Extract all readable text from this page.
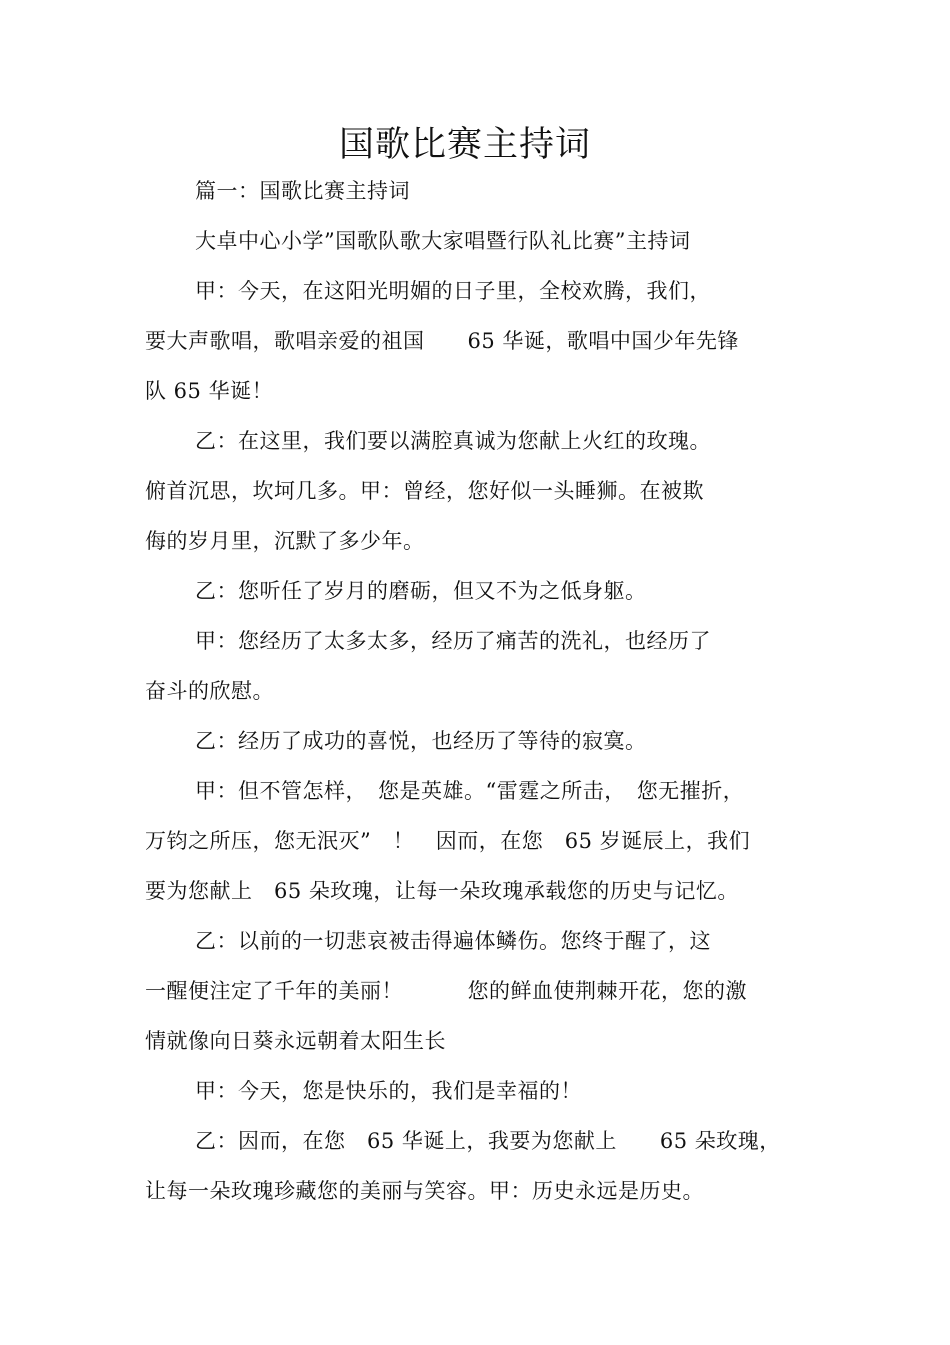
国歌比赛主持词
篇一：国歌比赛主持词
大卓中心小学”国歌队歌大家唱暨行队礼比赛”主持词
甲：今天，在这阳光明媚的日子里，全校欢腾，我们，
要大声歌唱，歌唱亲爱的祖国　　65 华诞，歌唱中国少年先锋
队 65 华诞！
乙：在这里，我们要以满腔真诚为您献上火红的玫瑰。
俯首沉思，坎坷几多。甲：曾经，您好似一头睡狮。在被欺
侮的岁月里，沉默了多少年。
乙：您听任了岁月的磨砺，但又不为之低身躯。
甲：您经历了太多太多，经历了痛苦的洗礼，也经历了
奋斗的欣慰。
乙：经历了成功的喜悦，也经历了等待的寂寞。
甲：但不管怎样，　您是英雄。“雷霆之所击，　您无摧折，
万钧之所压，您无泯灭”　！　因而，在您　65 岁诞辰上，我们
要为您献上　65 朵玫瑰，让每一朵玫瑰承载您的历史与记忆。
乙：以前的一切悲哀被击得遍体鳞伤。您终于醒了，这
一醒便注定了千年的美丽！　　　您的鲜血使荆棘开花，您的激
情就像向日葵永远朝着太阳生长
甲：今天，您是快乐的，我们是幸福的！
乙：因而，在您　65 华诞上，我要为您献上　　65 朵玫瑰，
让每一朵玫瑰珍藏您的美丽与笑容。甲：历史永远是历史。
